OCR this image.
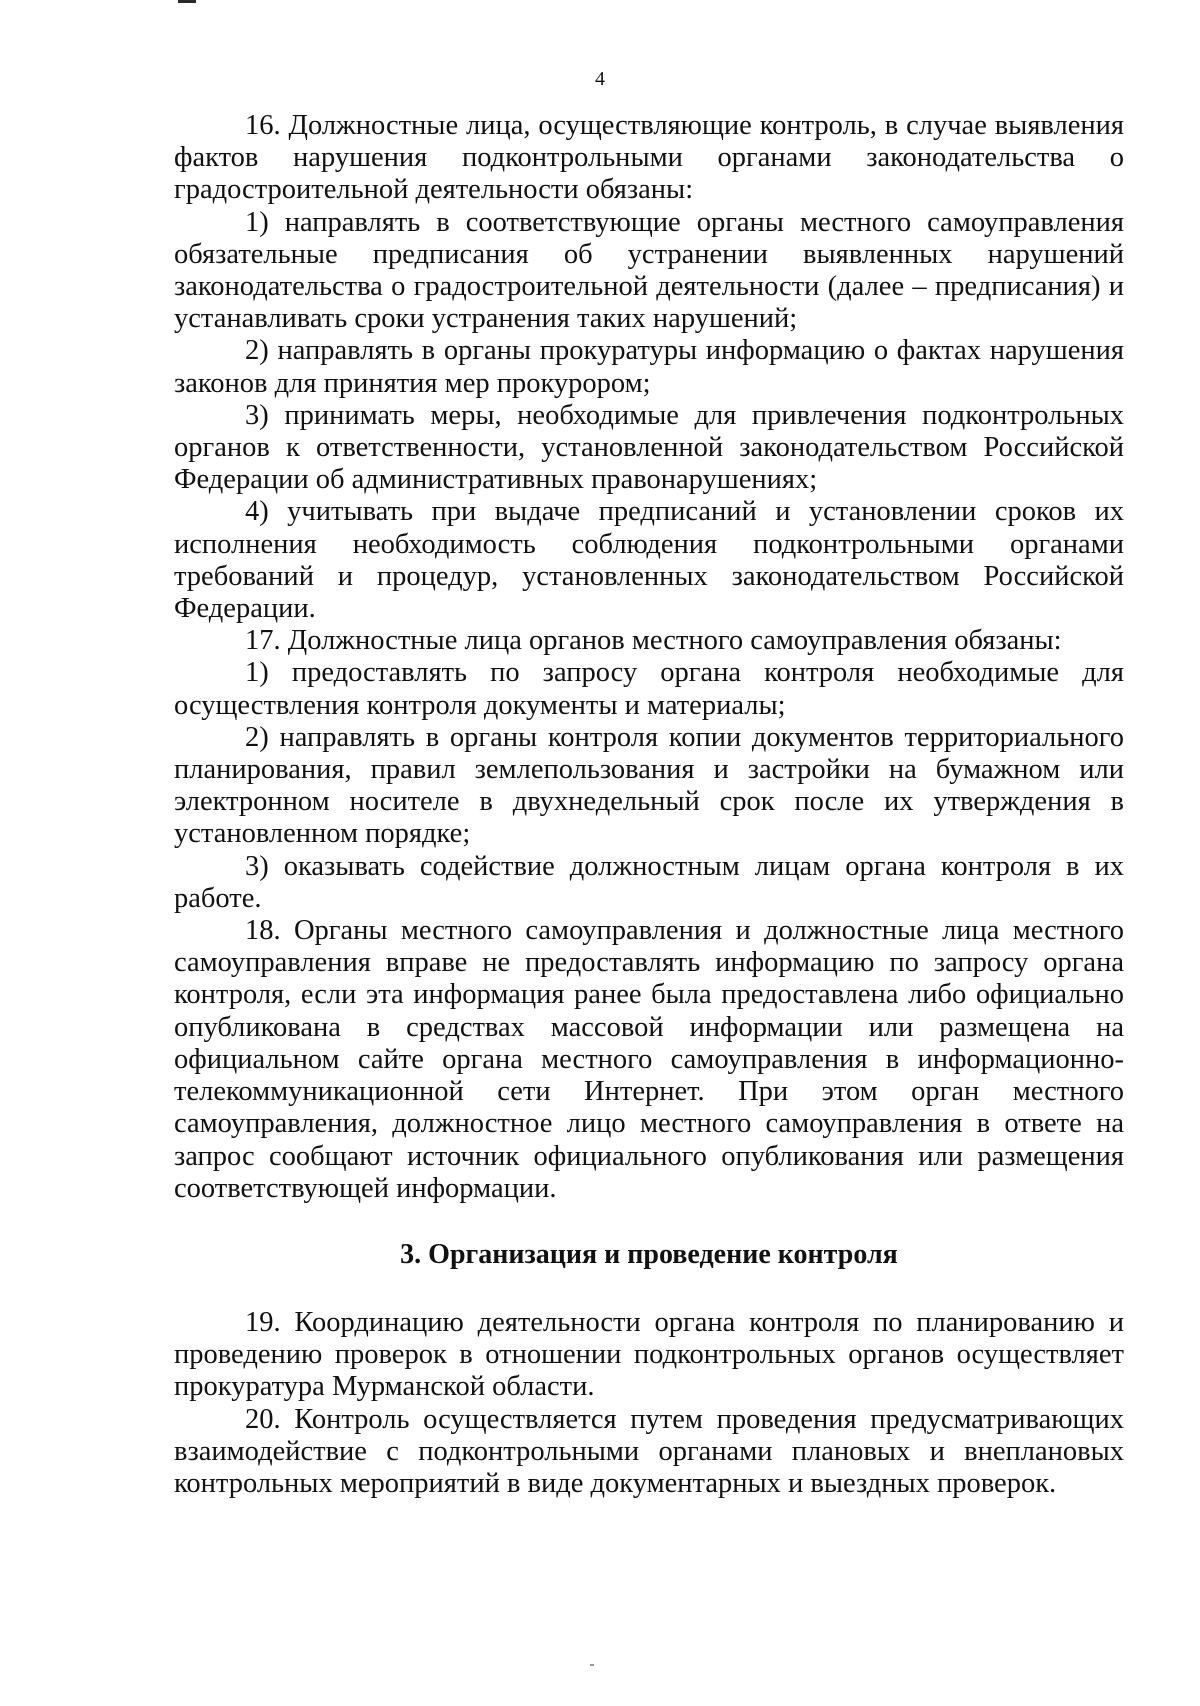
4

16. Должностные лица, осуществляющие контроль, в случае выявления фактов нарушения подконтрольными органами законодательства о градостроительной деятельности обязаны:

1) направлять в соответствующие органы местного самоуправления обязательные предписания об устранении выявленных нарушений законодательства о градостроительной деятельности (далее – предписания) и устанавливать сроки устранения таких нарушений;

2) направлять в органы прокуратуры информацию о фактах нарушения законов для принятия мер прокурором;

3) принимать меры, необходимые для привлечения подконтрольных органов к ответственности, установленной законодательством Российской Федерации об административных правонарушениях;

4) учитывать при выдаче предписаний и установлении сроков их исполнения необходимость соблюдения подконтрольными органами требований и процедур, установленных законодательством Российской Федерации.

17. Должностные лица органов местного самоуправления обязаны:

1) предоставлять по запросу органа контроля необходимые для осуществления контроля документы и материалы;

2) направлять в органы контроля копии документов территориального планирования, правил землепользования и застройки на бумажном или электронном носителе в двухнедельный срок после их утверждения в установленном порядке;

3) оказывать содействие должностным лицам органа контроля в их работе.

18. Органы местного самоуправления и должностные лица местного самоуправления вправе не предоставлять информацию по запросу органа контроля, если эта информация ранее была предоставлена либо официально опубликована в средствах массовой информации или размещена на официальном сайте органа местного самоуправления в информационно-телекоммуникационной сети Интернет. При этом орган местного самоуправления, должностное лицо местного самоуправления в ответе на запрос сообщают источник официального опубликования или размещения соответствующей информации.

3. Организация и проведение контроля

19. Координацию деятельности органа контроля по планированию и проведению проверок в отношении подконтрольных органов осуществляет прокуратура Мурманской области.

20. Контроль осуществляется путем проведения предусматривающих взаимодействие с подконтрольными органами плановых и внеплановых контрольных мероприятий в виде документарных и выездных проверок.
